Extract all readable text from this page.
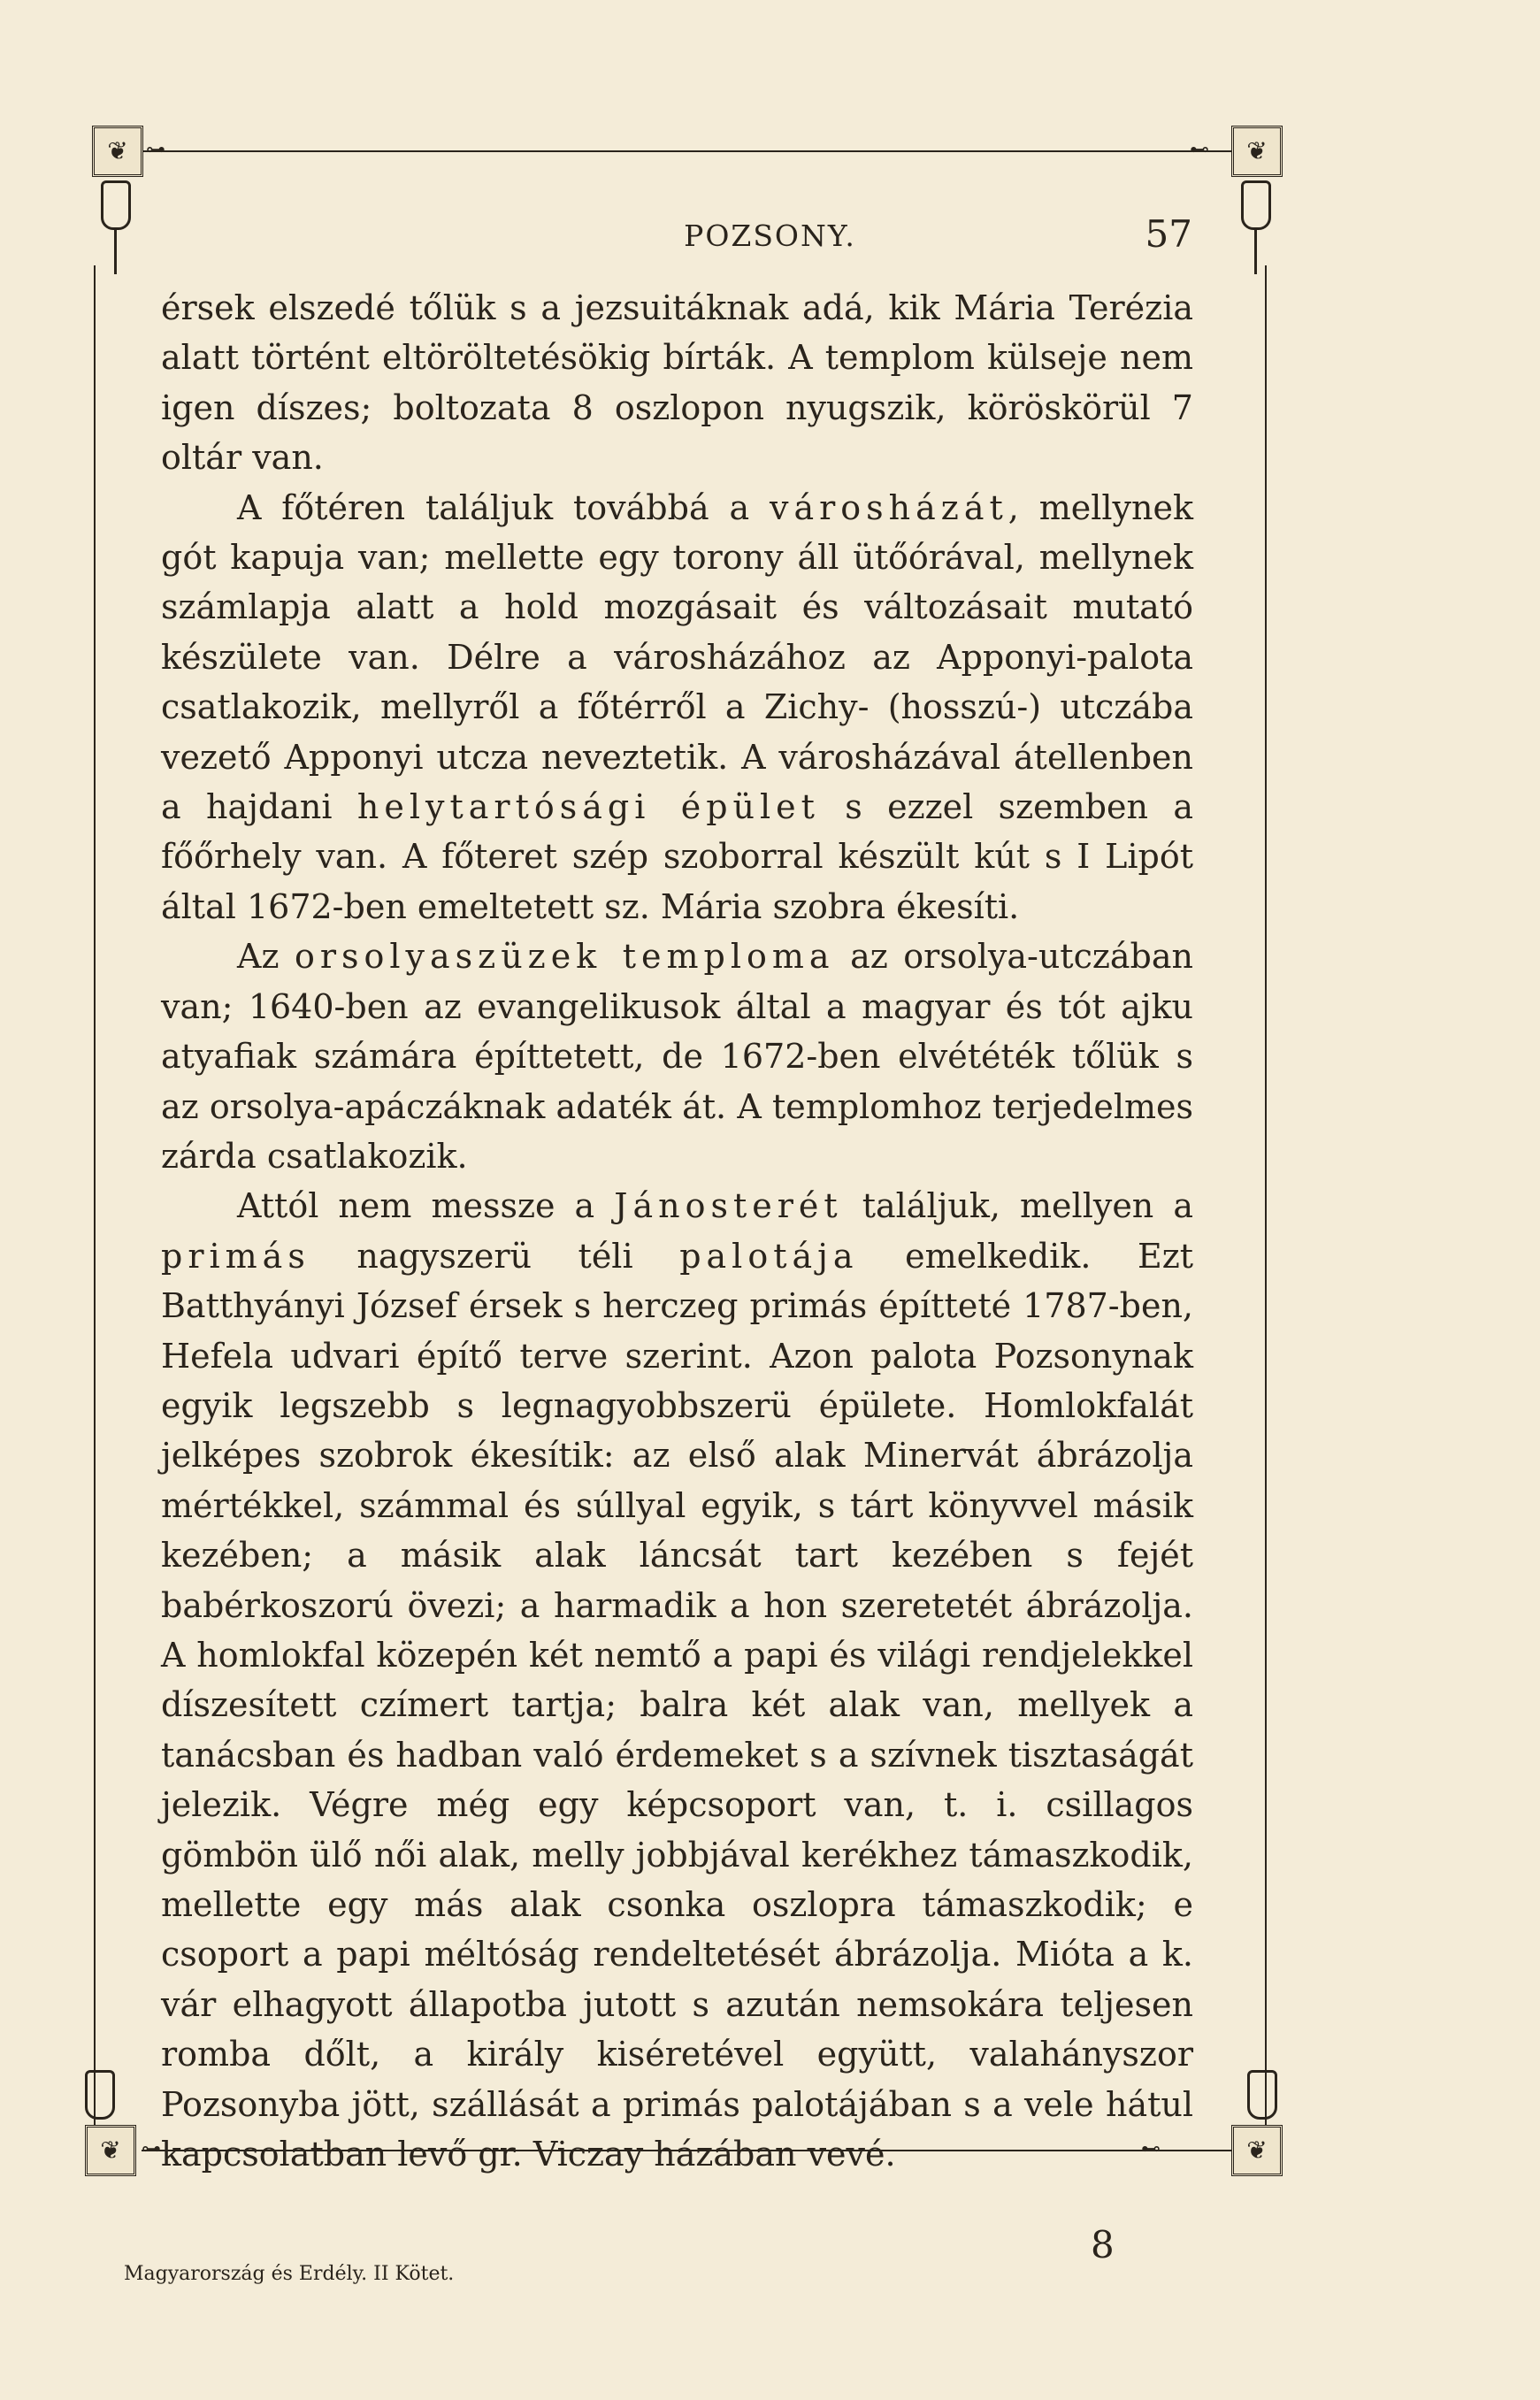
❦	❦
⊶	⊷
❦	❦
⊶	⊷
POZSONY.	57

érsek elszedé tőlük s a jezsuitáknak adá, kik Mária Terézia alatt történt eltöröltetésökig bírták. A templom külseje nem igen díszes; boltozata 8 oszlopon nyugszik, köröskörül 7 oltár van.

A főtéren találjuk továbbá a városházát, mellynek gót kapuja van; mellette egy torony áll ütőórával, mellynek számlapja alatt a hold mozgásait és változásait mutató készülete van. Délre a városházához az Apponyi-palota csatlakozik, mellyről a főtérről a Zichy- (hosszú-) utczába vezető Apponyi utcza neveztetik. A városházával átellenben a hajdani helytartósági épület s ezzel szemben a főőrhely van. A főteret szép szoborral készült kút s I Lipót által 1672-ben emeltetett sz. Mária szobra ékesíti.

Az orsolyaszüzek temploma az orsolya-utczában van; 1640-ben az evangelikusok által a magyar és tót ajku atyafiak számára építtetett, de 1672-ben elvététék tőlük s az orsolya-apáczáknak adaték át. A templomhoz terjedelmes zárda csatlakozik.

Attól nem messze a Jánosterét találjuk, mellyen a primás nagyszerü téli palotája emelkedik. Ezt Batthyányi József érsek s herczeg primás építteté 1787-ben, Hefela udvari építő terve szerint. Azon palota Pozsonynak egyik legszebb s legnagyobbszerü épülete. Homlokfalát jelképes szobrok ékesítik: az első alak Minervát ábrázolja mértékkel, számmal és súllyal egyik, s tárt könyvvel másik kezében; a másik alak láncsát tart kezében s fejét babérkoszorú övezi; a harmadik a hon szeretetét ábrázolja. A homlokfal közepén két nemtő a papi és világi rendjelekkel díszesített czímert tartja; balra két alak van, mellyek a tanácsban és hadban való érdemeket s a szívnek tisztaságát jelezik. Végre még egy képcsoport van, t. i. csillagos gömbön ülő női alak, melly jobbjával kerékhez támaszkodik, mellette egy más alak csonka oszlopra támaszkodik; e csoport a papi méltóság rendeltetését ábrázolja. Mióta a k. vár elhagyott állapotba jutott s azután nemsokára teljesen romba dőlt, a király kiséretével együtt, valahányszor Pozsonyba jött, szállását a primás palotájában s a vele hátul kapcsolatban levő gr. Viczay házában vevé.

8
Magyarország és Erdély. II Kötet.
